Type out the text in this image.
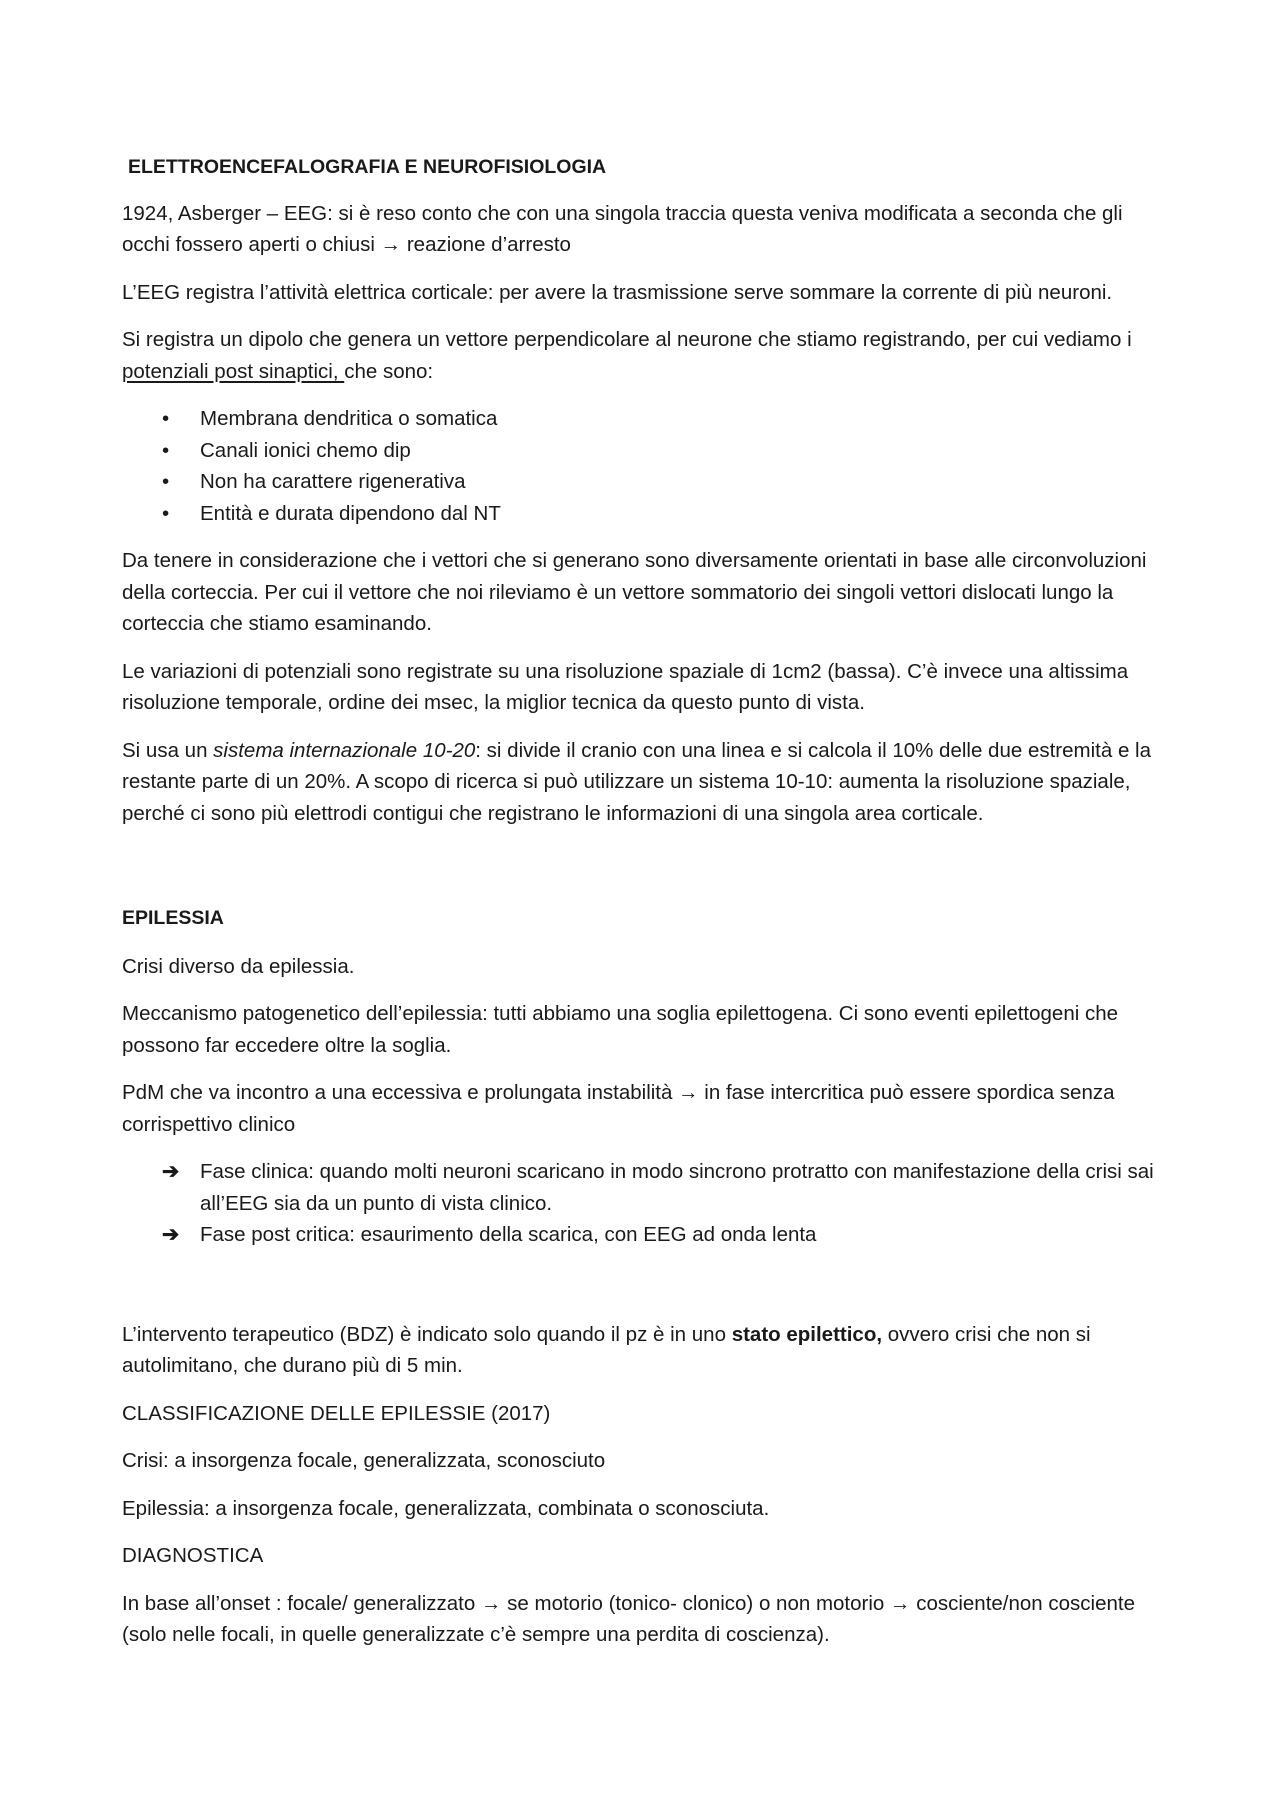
ELETTROENCEFALOGRAFIA E NEUROFISIOLOGIA

1924, Asberger – EEG: si è reso conto che con una singola traccia questa veniva modificata a seconda che gli occhi fossero aperti o chiusi → reazione d’arresto

L’EEG registra l’attività elettrica corticale: per avere la trasmissione serve sommare la corrente di più neuroni.

Si registra un dipolo che genera un vettore perpendicolare al neurone che stiamo registrando, per cui vediamo i potenziali post sinaptici, che sono:

•	Membrana dendritica o somatica
•	Canali ionici chemo dip
•	Non ha carattere rigenerativa
•	Entità e durata dipendono dal NT

Da tenere in considerazione che i vettori che si generano sono diversamente orientati in base alle circonvoluzioni della corteccia. Per cui il vettore che noi rileviamo è un vettore sommatorio dei singoli vettori dislocati lungo la corteccia che stiamo esaminando.

Le variazioni di potenziali sono registrate su una risoluzione spaziale di 1cm2 (bassa). C’è invece una altissima risoluzione temporale, ordine dei msec, la miglior tecnica da questo punto di vista.

Si usa un sistema internazionale 10-20: si divide il cranio con una linea e si calcola il 10% delle due estremità e la restante parte di un 20%. A scopo di ricerca si può utilizzare un sistema 10-10: aumenta la risoluzione spaziale, perché ci sono più elettrodi contigui che registrano le informazioni di una singola area corticale.

EPILESSIA

Crisi diverso da epilessia.

Meccanismo patogenetico dell’epilessia: tutti abbiamo una soglia epilettogena. Ci sono eventi epilettogeni che possono far eccedere oltre la soglia.

PdM che va incontro a una eccessiva e prolungata instabilità → in fase intercritica può essere spordica senza corrispettivo clinico

➔	Fase clinica: quando molti neuroni scaricano in modo sincrono protratto con manifestazione della crisi sai all’EEG sia da un punto di vista clinico.
➔	Fase post critica: esaurimento della scarica, con EEG ad onda lenta

L’intervento terapeutico (BDZ) è indicato solo quando il pz è in uno stato epilettico, ovvero crisi che non si autolimitano, che durano più di 5 min.

CLASSIFICAZIONE DELLE EPILESSIE (2017)

Crisi: a insorgenza focale, generalizzata, sconosciuto

Epilessia: a insorgenza focale, generalizzata, combinata o sconosciuta.

DIAGNOSTICA

In base all’onset : focale/ generalizzato → se motorio (tonico- clonico) o non motorio → cosciente/non cosciente (solo nelle focali, in quelle generalizzate c’è sempre una perdita di coscienza).
